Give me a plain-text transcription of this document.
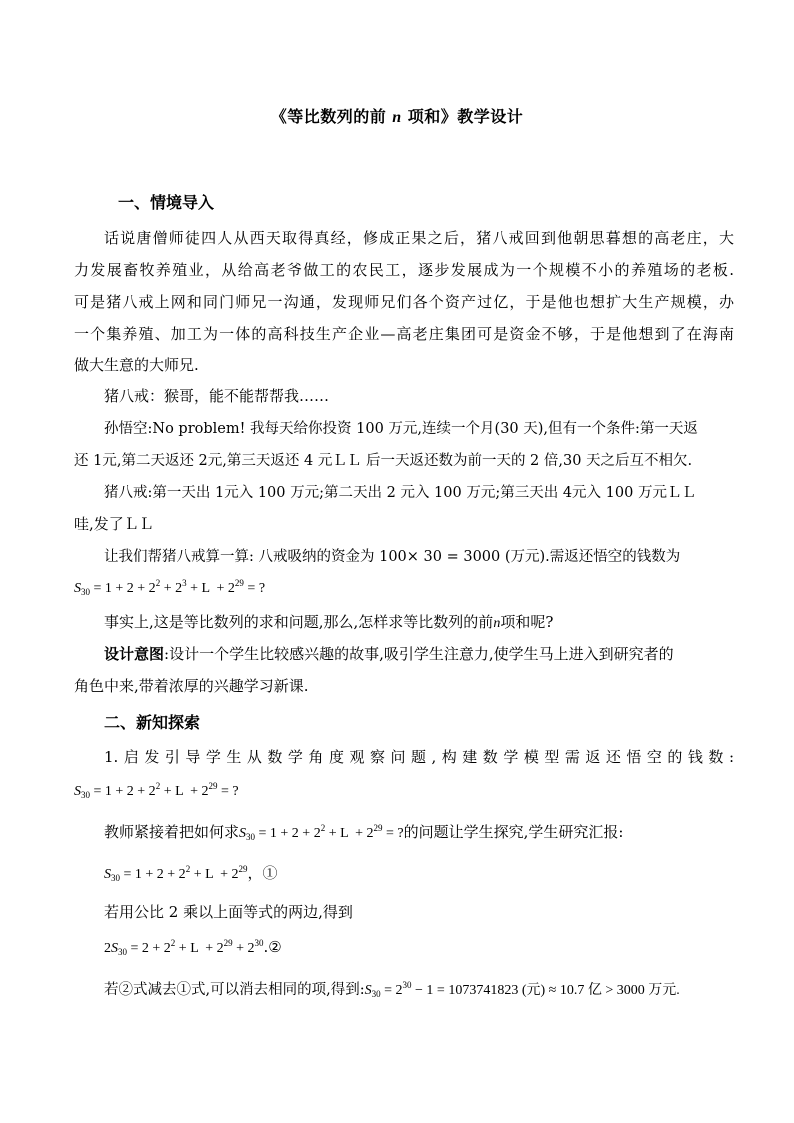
《等比数列的前 n 项和》教学设计
一、情境导入
话说唐僧师徒四人从西天取得真经，修成正果之后，猪八戒回到他朝思暮想的高老庄，大
力发展畜牧养殖业，从给高老爷做工的农民工，逐步发展成为一个规模不小的养殖场的老板.
可是猪八戒上网和同门师兄一沟通，发现师兄们各个资产过亿，于是他也想扩大生产规模，办
一个集养殖、加工为一体的高科技生产企业—高老庄集团可是资金不够，于是他想到了在海南
做大生意的大师兄.
猪八戒：猴哥，能不能帮帮我……
孙悟空:No problem! 我每天给你投资 100 万元,连续一个月(30 天),但有一个条件:第一天返
还 1元,第二天返还 2元,第三天返还 4 元ＬＬ 后一天返还数为前一天的 2 倍,30 天之后互不相欠.
猪八戒:第一天出 1元入 100 万元;第二天出 2 元入 100 万元;第三天出 4元入 100 万元ＬＬ
哇,发了ＬＬ
让我们帮猪八戒算一算: 八戒吸纳的资金为 100× 30 = 3000 (万元).需返还悟空的钱数为
$S_{30} = 1 + 2 + 2^2 + 2^3 + L + 2^{29}$ = ?
事实上,这是等比数列的求和问题,那么,怎样求等比数列的前n项和呢?
设计意图:设计一个学生比较感兴趣的故事,吸引学生注意力,使学生马上进入到研究者的
角色中来,带着浓厚的兴趣学习新课.
二、新知探索
1.启发引导学生从数学角度观察问题,构建数学模型需返还悟空的钱数:
$S_{30} = 1 + 2 + 2^2 + L + 2^{29}$ = ?
教师紧接着把如何求$S_{30} = 1 + 2 + 2^2 + L + 2^{29}$ = ?的问题让学生探究,学生研究汇报:
$S_{30} = 1 + 2 + 2^2 + L + 2^{29}$，①
若用公比 2 乘以上面等式的两边,得到
$2S_{30} = 2 + 2^2 + L + 2^{29}$ + $2^{30}.②$
若②式减去①式,可以消去相同的项,得到$:S_{30} = 2^{30} - 1 = 1073741823$ (元) ≈ 10.7 亿 > 3000 万元.
